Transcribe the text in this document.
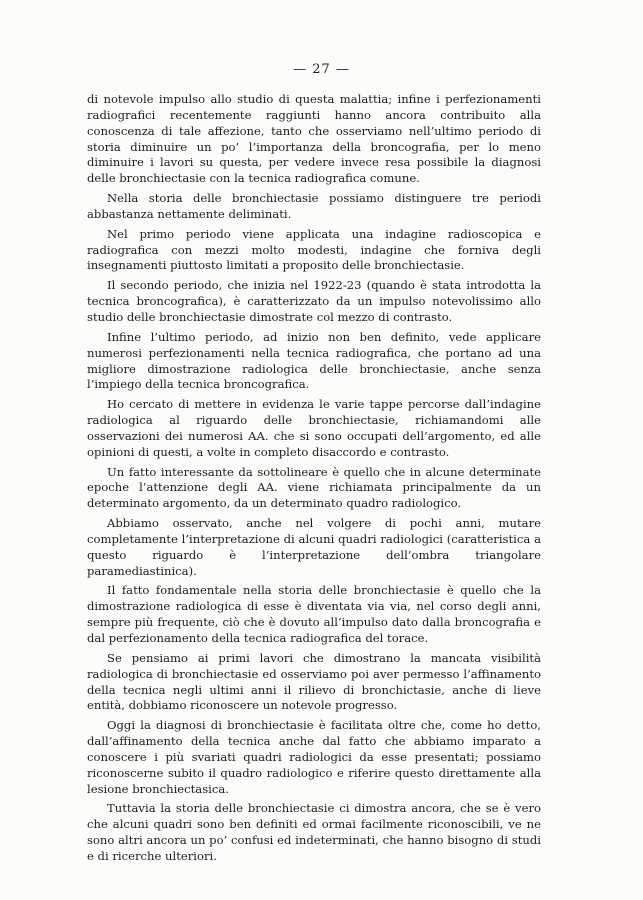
— 27 —

di notevole impulso allo studio di questa malattia; infine i perfezionamenti radiografici recentemente raggiunti hanno ancora contribuito alla conoscenza di tale affezione, tanto che osserviamo nell’ultimo periodo di storia diminuire un po’ l’importanza della broncografia, per lo meno diminuire i lavori su questa, per vedere invece resa possibile la diagnosi delle bronchiectasie con la tecnica radiografica comune.

Nella storia delle bronchiectasie possiamo distinguere tre periodi abbastanza nettamente deliminati.

Nel primo periodo viene applicata una indagine radioscopica e radiografica con mezzi molto modesti, indagine che forniva degli insegnamenti piuttosto limitati a proposito delle bronchiectasie.

Il secondo periodo, che inizia nel 1922-23 (quando è stata introdotta la tecnica broncografica), è caratterizzato da un impulso notevolissimo allo studio delle bronchiectasie dimostrate col mezzo di contrasto.

Infine l’ultimo periodo, ad inizio non ben definito, vede applicare numerosi perfezionamenti nella tecnica radiografica, che portano ad una migliore dimostrazione radiologica delle bronchiectasie, anche senza l’impiego della tecnica broncografica.

Ho cercato di mettere in evidenza le varie tappe percorse dall’indagine radiologica al riguardo delle bronchiectasie, richiamandomi alle osservazioni dei numerosi AA. che si sono occupati dell’argomento, ed alle opinioni di questi, a volte in completo disaccordo e contrasto.

Un fatto interessante da sottolineare è quello che in alcune determinate epoche l’attenzione degli AA. viene richiamata principalmente da un determinato argomento, da un determinato quadro radiologico.

Abbiamo osservato, anche nel volgere di pochi anni, mutare completamente l’interpretazione di alcuni quadri radiologici (caratteristica a questo riguardo è l’interpretazione dell’ombra triangolare paramediastinica).

Il fatto fondamentale nella storia delle bronchiectasie è quello che la dimostrazione radiologica di esse è diventata via via, nel corso degli anni, sempre più frequente, ciò che è dovuto all’impulso dato dalla broncografia e dal perfezionamento della tecnica radiografica del torace.

Se pensiamo ai primi lavori che dimostrano la mancata visibilità radiologica di bronchiectasie ed osserviamo poi aver permesso l’affinamento della tecnica negli ultimi anni il rilievo di bronchictasie, anche di lieve entità, dobbiamo riconoscere un notevole progresso.

Oggi la diagnosi di bronchiectasie è facilitata oltre che, come ho detto, dall’affinamento della tecnica anche dal fatto che abbiamo imparato a conoscere i più svariati quadri radiologici da esse presentati; possiamo riconoscerne subito il quadro radiologico e riferire questo direttamente alla lesione bronchiectasica.

Tuttavia la storia delle bronchiectasie ci dimostra ancora, che se è vero che alcuni quadri sono ben definiti ed ormai facilmente riconoscibili, ve ne sono altri ancora un po’ confusi ed indeterminati, che hanno bisogno di studi e di ricerche ulteriori.
